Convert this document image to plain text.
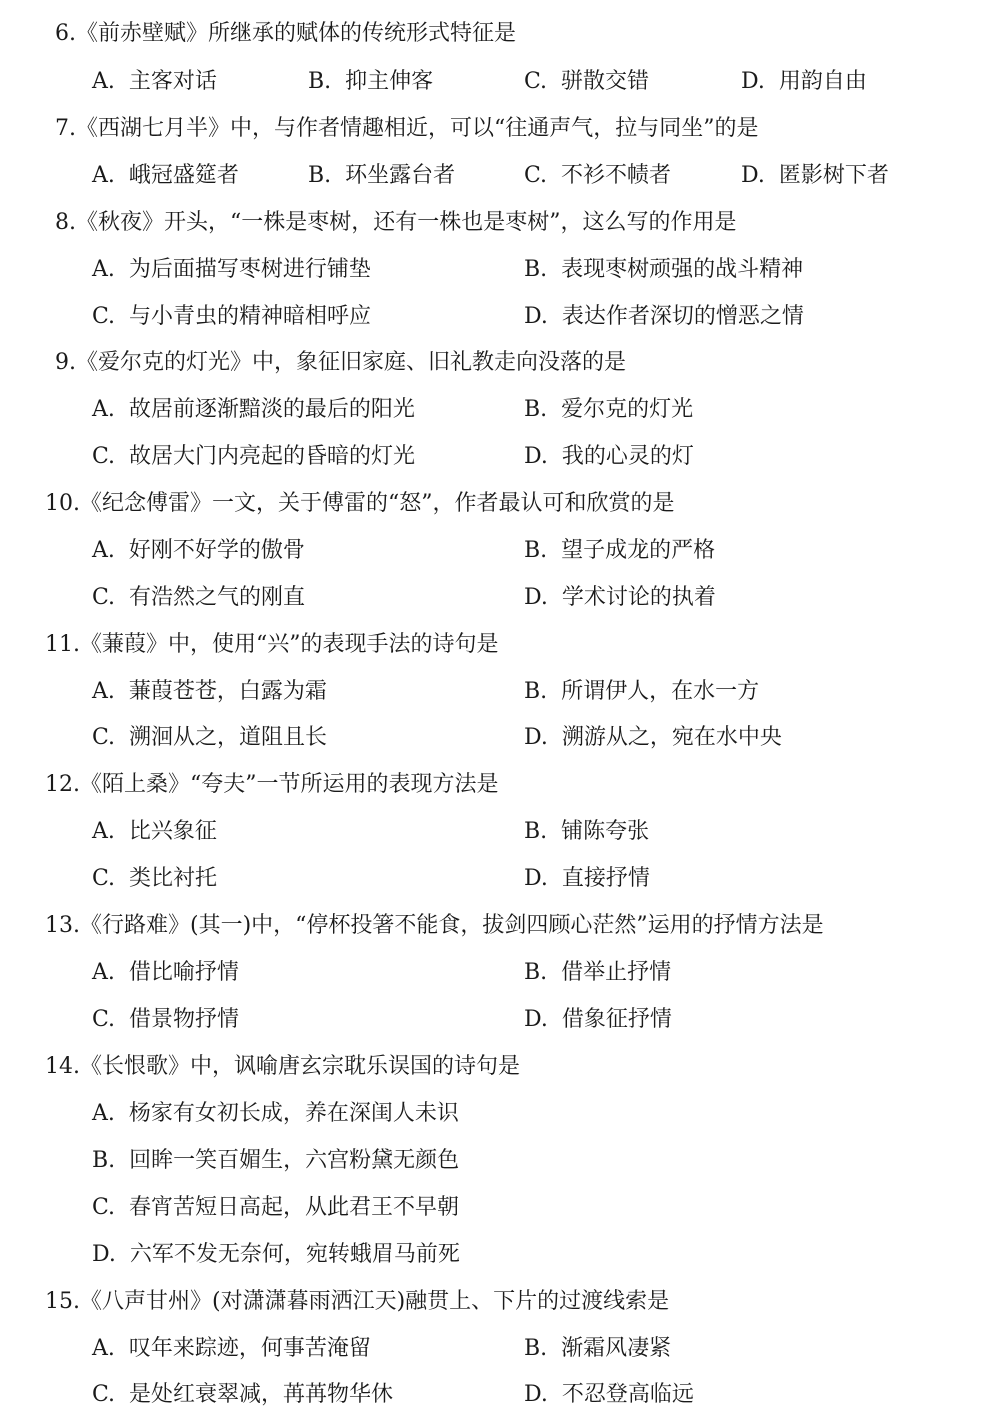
6.《前赤壁赋》所继承的赋体的传统形式特征是
A. 主客对话	B. 抑主伸客	C. 骈散交错	D. 用韵自由
7.《西湖七月半》中，与作者情趣相近，可以“往通声气，拉与同坐”的是
A. 峨冠盛筵者	B. 环坐露台者	C. 不衫不帻者	D. 匿影树下者
8.《秋夜》开头，“一株是枣树，还有一株也是枣树”，这么写的作用是
A. 为后面描写枣树进行铺垫	B. 表现枣树顽强的战斗精神
C. 与小青虫的精神暗相呼应	D. 表达作者深切的憎恶之情
9.《爱尔克的灯光》中，象征旧家庭、旧礼教走向没落的是
A. 故居前逐渐黯淡的最后的阳光	B. 爱尔克的灯光
C. 故居大门内亮起的昏暗的灯光	D. 我的心灵的灯
10.《纪念傅雷》一文，关于傅雷的“怒”，作者最认可和欣赏的是
A. 好刚不好学的傲骨	B. 望子成龙的严格
C. 有浩然之气的刚直	D. 学术讨论的执着
11.《蒹葭》中，使用“兴”的表现手法的诗句是
A. 蒹葭苍苍，白露为霜	B. 所谓伊人，在水一方
C. 溯洄从之，道阻且长	D. 溯游从之，宛在水中央
12.《陌上桑》“夸夫”一节所运用的表现方法是
A. 比兴象征	B. 铺陈夸张
C. 类比衬托	D. 直接抒情
13.《行路难》(其一)中，“停杯投箸不能食，拔剑四顾心茫然”运用的抒情方法是
A. 借比喻抒情	B. 借举止抒情
C. 借景物抒情	D. 借象征抒情
14.《长恨歌》中，讽喻唐玄宗耽乐误国的诗句是
A. 杨家有女初长成，养在深闺人未识
B. 回眸一笑百媚生，六宫粉黛无颜色
C. 春宵苦短日高起，从此君王不早朝
D. 六军不发无奈何，宛转蛾眉马前死
15.《八声甘州》(对潇潇暮雨洒江天)融贯上、下片的过渡线索是
A. 叹年来踪迹，何事苦淹留	B. 渐霜风凄紧
C. 是处红衰翠减，苒苒物华休	D. 不忍登高临远
